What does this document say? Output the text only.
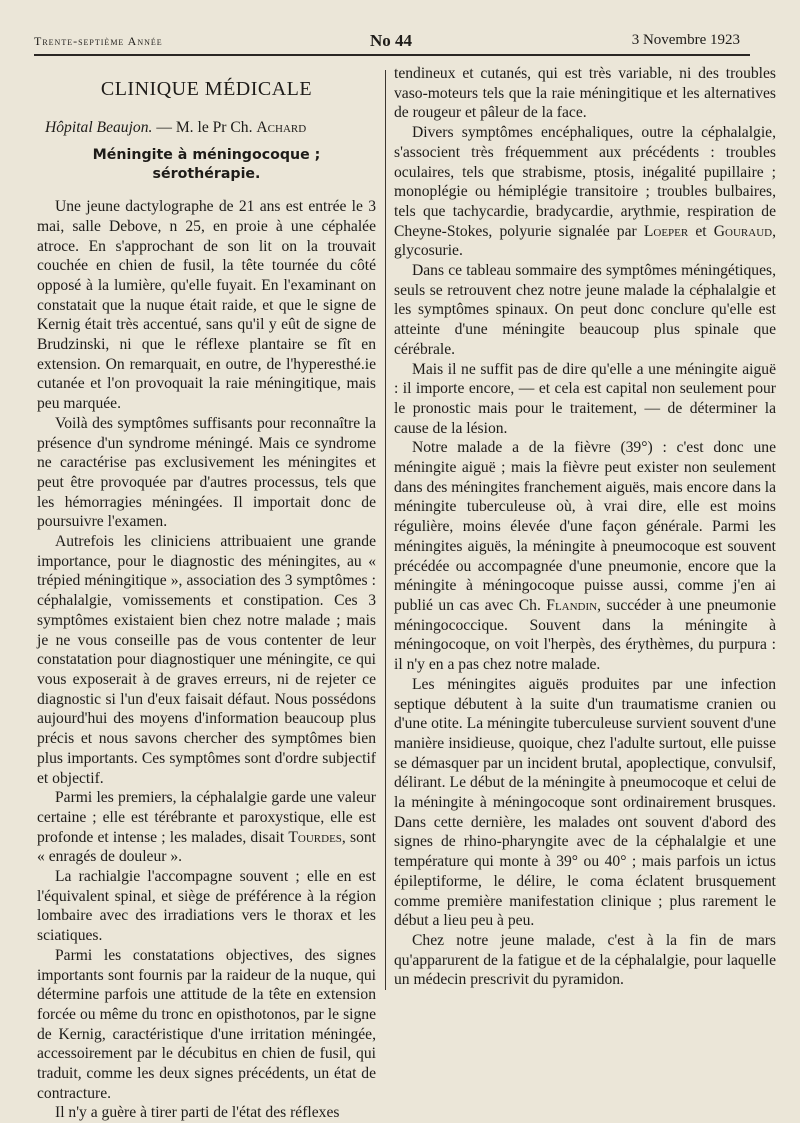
Trente-septième Année	No 44	3 Novembre 1923

CLINIQUE MÉDICALE

Hôpital Beaujon. — M. le Pr Ch. Achard

Méningite à méningocoque ; sérothérapie.

Une jeune dactylographe de 21 ans est entrée le 3 mai, salle Debove, n 25, en proie à une céphalée atroce. En s'approchant de son lit on la trouvait couchée en chien de fusil, la tête tournée du côté opposé à la lumière, qu'elle fuyait. En l'examinant on constatait que la nuque était raide, et que le signe de Kernig était très accentué, sans qu'il y eût de signe de Brudzinski, ni que le réflexe plantaire se fît en extension. On remarquait, en outre, de l'hyperesthé.ie cutanée et l'on provoquait la raie méningitique, mais peu marquée.

Voilà des symptômes suffisants pour reconnaître la présence d'un syndrome méningé. Mais ce syndrome ne caractérise pas exclusivement les méningites et peut être provoquée par d'autres processus, tels que les hémorragies méningées. Il importait donc de poursuivre l'examen.

Autrefois les cliniciens attribuaient une grande importance, pour le diagnostic des méningites, au « trépied méningitique », association des 3 symptômes : céphalalgie, vomissements et constipation. Ces 3 symptômes existaient bien chez notre malade ; mais je ne vous conseille pas de vous contenter de leur constatation pour diagnostiquer une méningite, ce qui vous exposerait à de graves erreurs, ni de rejeter ce diagnostic si l'un d'eux faisait défaut. Nous possédons aujourd'hui des moyens d'information beaucoup plus précis et nous savons chercher des symptômes bien plus importants. Ces symptômes sont d'ordre subjectif et objectif.

Parmi les premiers, la céphalalgie garde une valeur certaine ; elle est térébrante et paroxystique, elle est profonde et intense ; les malades, disait Tourdes, sont « enragés de douleur ».

La rachialgie l'accompagne souvent ; elle en est l'équivalent spinal, et siège de préférence à la région lombaire avec des irradiations vers le thorax et les sciatiques.

Parmi les constatations objectives, des signes importants sont fournis par la raideur de la nuque, qui détermine parfois une attitude de la tête en extension forcée ou même du tronc en opisthotonos, par le signe de Kernig, caractéristique d'une irritation méningée, accessoirement par le décubitus en chien de fusil, qui traduit, comme les deux signes précédents, un état de contracture.

Il n'y a guère à tirer parti de l'état des réflexes

tendineux et cutanés, qui est très variable, ni des troubles vaso-moteurs tels que la raie méningitique et les alternatives de rougeur et pâleur de la face.

Divers symptômes encéphaliques, outre la céphalalgie, s'associent très fréquemment aux précédents : troubles oculaires, tels que strabisme, ptosis, inégalité pupillaire ; monoplégie ou hémiplégie transitoire ; troubles bulbaires, tels que tachycardie, bradycardie, arythmie, respiration de Cheyne-Stokes, polyurie signalée par Loeper et Gouraud, glycosurie.

Dans ce tableau sommaire des symptômes méningétiques, seuls se retrouvent chez notre jeune malade la céphalalgie et les symptômes spinaux. On peut donc conclure qu'elle est atteinte d'une méningite beaucoup plus spinale que cérébrale.

Mais il ne suffit pas de dire qu'elle a une méningite aiguë : il importe encore, — et cela est capital non seulement pour le pronostic mais pour le traitement, — de déterminer la cause de la lésion.

Notre malade a de la fièvre (39°) : c'est donc une méningite aiguë ; mais la fièvre peut exister non seulement dans des méningites franchement aiguës, mais encore dans la méningite tuberculeuse où, à vrai dire, elle est moins régulière, moins élevée d'une façon générale. Parmi les méningites aiguës, la méningite à pneumocoque est souvent précédée ou accompagnée d'une pneumonie, encore que la méningite à méningocoque puisse aussi, comme j'en ai publié un cas avec Ch. Flandin, succéder à une pneumonie méningococcique. Souvent dans la méningite à méningocoque, on voit l'herpès, des érythèmes, du purpura : il n'y en a pas chez notre malade.

Les méningites aiguës produites par une infection septique débutent à la suite d'un traumatisme cranien ou d'une otite. La méningite tuberculeuse survient souvent d'une manière insidieuse, quoique, chez l'adulte surtout, elle puisse se démasquer par un incident brutal, apoplectique, convulsif, délirant. Le début de la méningite à pneumocoque et celui de la méningite à méningocoque sont ordinairement brusques. Dans cette dernière, les malades ont souvent d'abord des signes de rhino-pharyngite avec de la céphalalgie et une température qui monte à 39° ou 40° ; mais parfois un ictus épileptiforme, le délire, le coma éclatent brusquement comme première manifestation clinique ; plus rarement le début a lieu peu à peu.

Chez notre jeune malade, c'est à la fin de mars qu'apparurent de la fatigue et de la céphalalgie, pour laquelle un médecin prescrivit du pyramidon.
